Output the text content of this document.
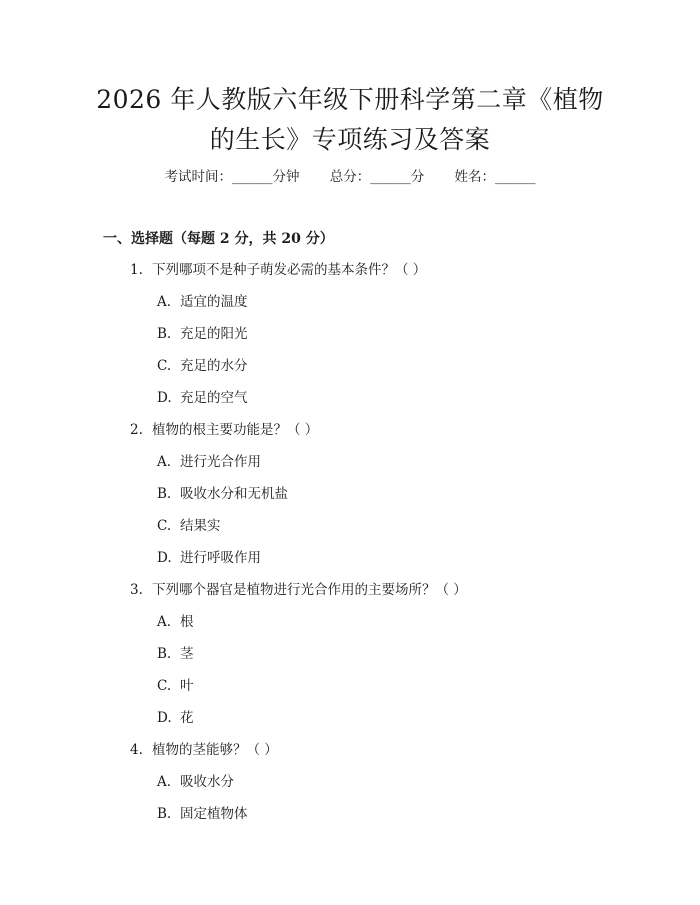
2026 年人教版六年级下册科学第二章《植物
的生长》专项练习及答案
考试时间：______分钟 总分：______分 姓名：______
一、选择题（每题 2 分，共 20 分）
1. 下列哪项不是种子萌发必需的基本条件？（ ）
A. 适宜的温度
B. 充足的阳光
C. 充足的水分
D. 充足的空气
2. 植物的根主要功能是？（ ）
A. 进行光合作用
B. 吸收水分和无机盐
C. 结果实
D. 进行呼吸作用
3. 下列哪个器官是植物进行光合作用的主要场所？（ ）
A. 根
B. 茎
C. 叶
D. 花
4. 植物的茎能够？（ ）
A. 吸收水分
B. 固定植物体
